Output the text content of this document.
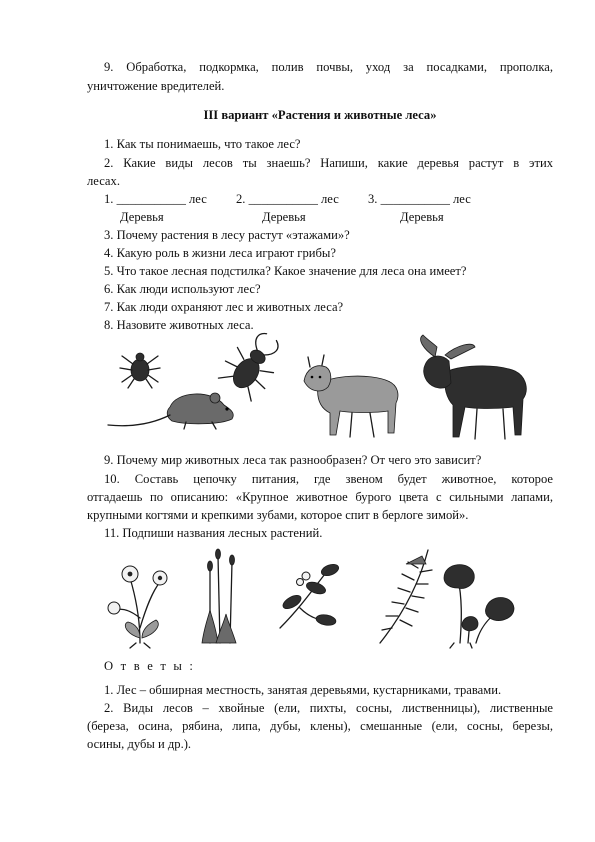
9. Обработка, подкормка, полив почвы, уход за посадками, прополка,
уничтожение вредителей.
III вариант «Растения и животные леса»
1. Как ты понимаешь, что такое лес?
2. Какие виды лесов ты знаешь? Напиши, какие деревья растут в этих
лесах.
1. ___________ лес	2. ___________ лес	3. ___________ лес
Деревья	Деревья	Деревья
3. Почему растения в лесу растут «этажами»?
4. Какую роль в жизни леса играют грибы?
5. Что такое лесная подстилка? Какое значение для леса она имеет?
6. Как люди используют лес?
7. Как люди охраняют лес и животных леса?
8. Назовите животных леса.
9. Почему мир животных леса так разнообразен? От чего это зависит?
10. Составь цепочку питания, где звеном будет животное, которое
отгадаешь по описанию: «Крупное животное бурого цвета с сильными лапами,
крупными когтями и крепкими зубами, которое спит в берлоге зимой».
11. Подпиши названия лесных растений.
О т в е т ы :
1. Лес – обширная местность, занятая деревьями, кустарниками, травами.
2. Виды лесов – хвойные (ели, пихты, сосны, лиственницы), лиственные
(береза, осина, рябина, липа, дубы, клены), смешанные (ели, сосны, березы,
осины, дубы и др.).
